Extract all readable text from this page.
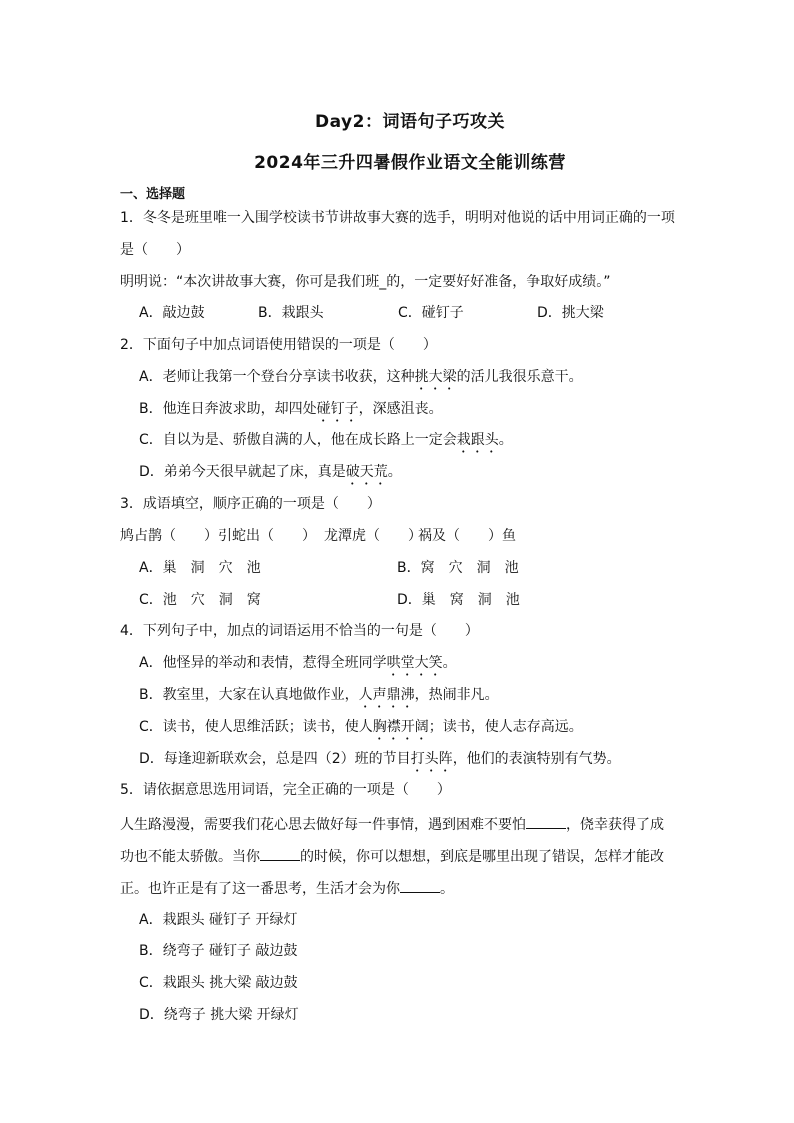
Day2：词语句子巧攻关
2024年三升四暑假作业语文全能训练营
一、选择题
1．冬冬是班里唯一入围学校读书节讲故事大赛的选手，明明对他说的话中用词正确的一项
是（　　）
明明说：“本次讲故事大赛，你可是我们班_的，一定要好好准备，争取好成绩。”
A．敲边鼓	B．栽跟头	C．碰钉子	D．挑大梁
2．下面句子中加点词语使用错误的一项是（　　）
A．老师让我第一个登台分享读书收获，这种挑大梁的活儿我很乐意干。
B．他连日奔波求助，却四处碰钉子，深感沮丧。
C．自以为是、骄傲自满的人，他在成长路上一定会栽跟头。
D．弟弟今天很早就起了床，真是破天荒。
3．成语填空，顺序正确的一项是（　　）
鸠占鹊（　　） 引蛇出（　　） 龙潭虎（　　）
祸及（　　）鱼
A．巢　洞　穴　池	B．窝　穴　洞　池
C．池　穴　洞　窝	D．巢　窝　洞　池
4．下列句子中，加点的词语运用不恰当的一句是（　　）
A．他怪异的举动和表情，惹得全班同学哄堂大笑。
B．教室里，大家在认真地做作业，人声鼎沸，热闹非凡。
C．读书，使人思维活跃；读书，使人胸襟开阔；读书，使人志存高远。
D．每逢迎新联欢会，总是四（2）班的节目打头阵，他们的表演特别有气势。
5．请依据意思选用词语，完全正确的一项是（　　）
人生路漫漫，需要我们花心思去做好每一件事情，遇到困难不要怕	，侥幸获得了成
功也不能太骄傲。当你	的时候，你可以想想，到底是哪里出现了错误，怎样才能改
正。也许正是有了这一番思考，生活才会为你	。
A．栽跟头 碰钉子 开绿灯
B．绕弯子 碰钉子 敲边鼓
C．栽跟头 挑大梁 敲边鼓
D．绕弯子 挑大梁 开绿灯
